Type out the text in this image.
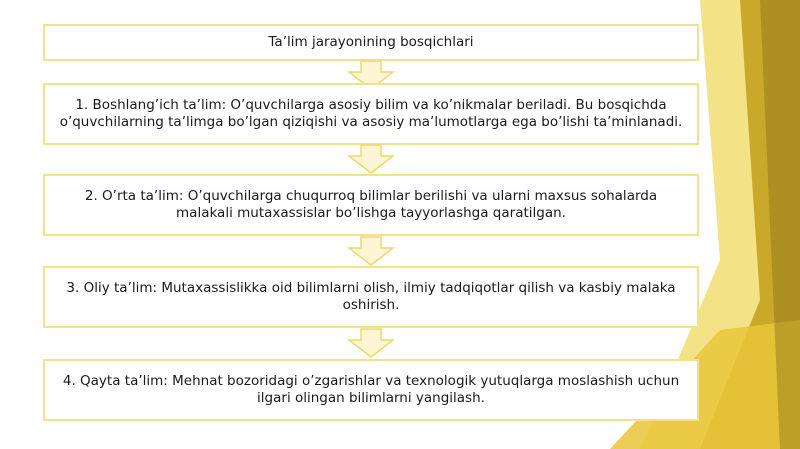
Ta’lim jarayonining bosqichlari
1. Boshlang’ich ta’lim: O’quvchilarga asosiy bilim va ko’nikmalar beriladi. Bu bosqichda o’quvchilarning ta’limga bo’lgan qiziqishi va asosiy ma’lumotlarga ega bo’lishi ta’minlanadi.
2. O’rta ta’lim: O’quvchilarga chuqurroq bilimlar berilishi va ularni maxsus sohalarda malakali mutaxassislar bo’lishga tayyorlashga qaratilgan.
3. Oliy ta’lim: Mutaxassislikka oid bilimlarni olish, ilmiy tadqiqotlar qilish va kasbiy malaka oshirish.
4. Qayta ta’lim: Mehnat bozoridagi o’zgarishlar va texnologik yutuqlarga moslashish uchun ilgari olingan bilimlarni yangilash.
